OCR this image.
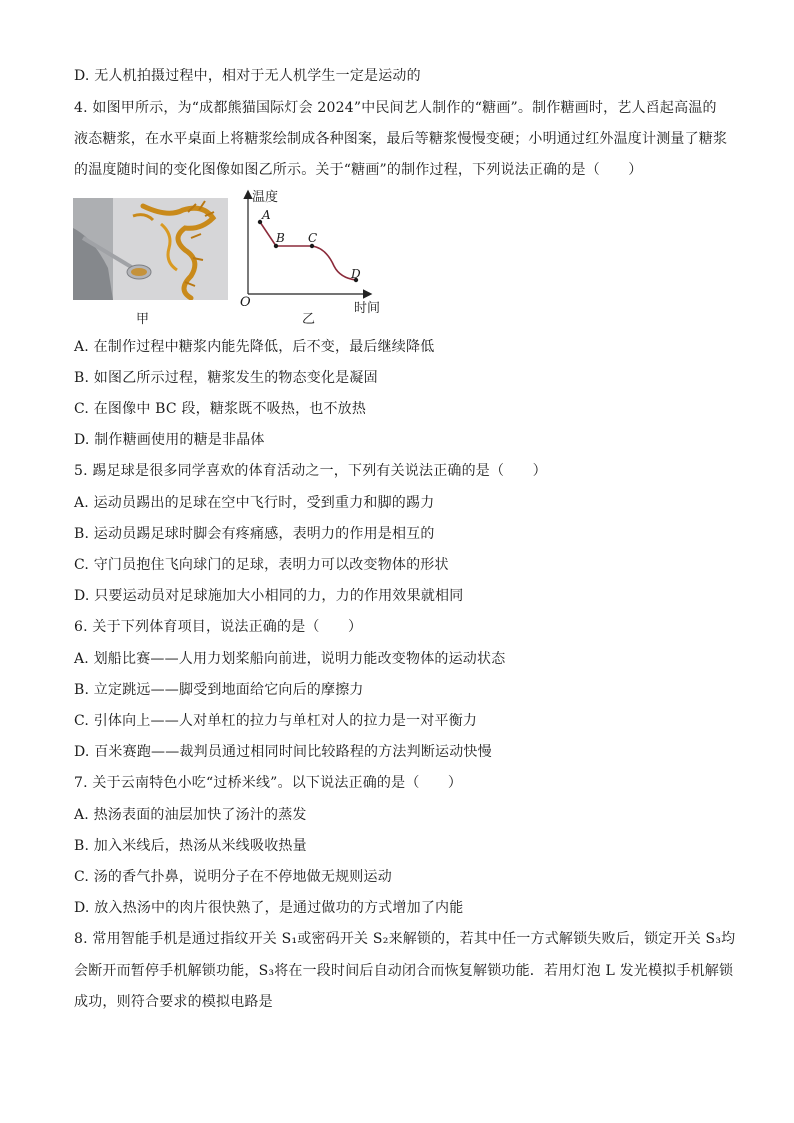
D. 无人机拍摄过程中，相对于无人机学生一定是运动的
4. 如图甲所示，为“成都熊猫国际灯会 2024”中民间艺人制作的“糖画”。制作糖画时，艺人舀起高温的
液态糖浆，在水平桌面上将糖浆绘制成各种图案，最后等糖浆慢慢变硬；小明通过红外温度计测量了糖浆
的温度随时间的变化图像如图乙所示。关于“糖画”的制作过程，下列说法正确的是（　　）
甲
温度
时间
O
A
B C
D
乙
A. 在制作过程中糖浆内能先降低，后不变，最后继续降低
B. 如图乙所示过程，糖浆发生的物态变化是凝固
C. 在图像中 BC 段，糖浆既不吸热，也不放热
D. 制作糖画使用的糖是非晶体
5. 踢足球是很多同学喜欢的体育活动之一，下列有关说法正确的是（　　）
A. 运动员踢出的足球在空中飞行时，受到重力和脚的踢力
B. 运动员踢足球时脚会有疼痛感，表明力的作用是相互的
C. 守门员抱住飞向球门的足球，表明力可以改变物体的形状
D. 只要运动员对足球施加大小相同的力，力的作用效果就相同
6. 关于下列体育项目，说法正确的是（　　）
A. 划船比赛——人用力划桨船向前进，说明力能改变物体的运动状态
B. 立定跳远——脚受到地面给它向后的摩擦力
C. 引体向上——人对单杠的拉力与单杠对人的拉力是一对平衡力
D. 百米赛跑——裁判员通过相同时间比较路程的方法判断运动快慢
7. 关于云南特色小吃“过桥米线”。以下说法正确的是（　　）
A. 热汤表面的油层加快了汤汁的蒸发
B. 加入米线后，热汤从米线吸收热量
C. 汤的香气扑鼻，说明分子在不停地做无规则运动
D. 放入热汤中的肉片很快熟了，是通过做功的方式增加了内能
8. 常用智能手机是通过指纹开关 S₁或密码开关 S₂来解锁的，若其中任一方式解锁失败后，锁定开关 S₃均
会断开而暂停手机解锁功能，S₃将在一段时间后自动闭合而恢复解锁功能．若用灯泡 L 发光模拟手机解锁
成功，则符合要求的模拟电路是
